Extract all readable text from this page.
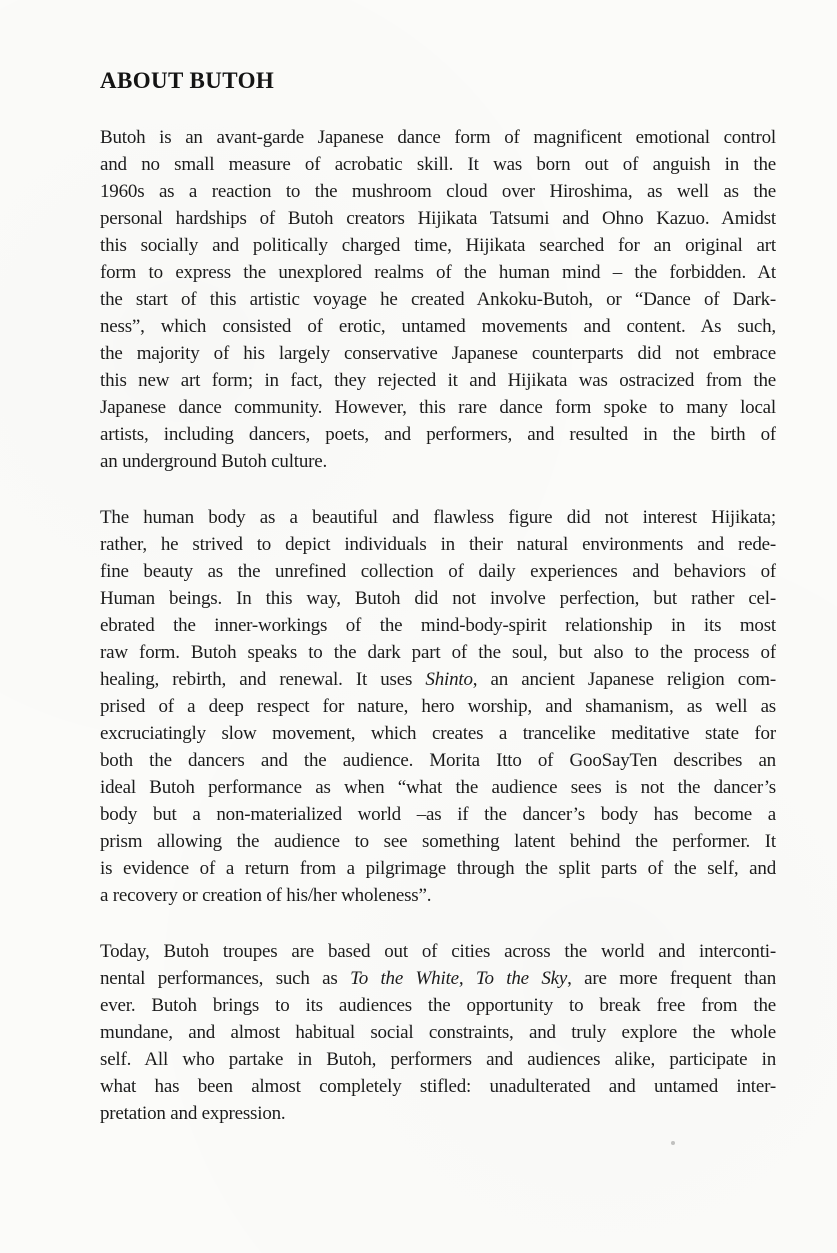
ABOUT BUTOH
Butoh is an avant-garde Japanese dance form of magnificent emotional control
and no small measure of acrobatic skill. It was born out of anguish in the
1960s as a reaction to the mushroom cloud over Hiroshima, as well as the
personal hardships of Butoh creators Hijikata Tatsumi and Ohno Kazuo. Amidst
this socially and politically charged time, Hijikata searched for an original art
form to express the unexplored realms of the human mind – the forbidden. At
the start of this artistic voyage he created Ankoku-Butoh, or “Dance of Dark-
ness”, which consisted of erotic, untamed movements and content. As such,
the majority of his largely conservative Japanese counterparts did not embrace
this new art form; in fact, they rejected it and Hijikata was ostracized from the
Japanese dance community. However, this rare dance form spoke to many local
artists, including dancers, poets, and performers, and resulted in the birth of
an underground Butoh culture.
The human body as a beautiful and flawless figure did not interest Hijikata;
rather, he strived to depict individuals in their natural environments and rede-
fine beauty as the unrefined collection of daily experiences and behaviors of
Human beings. In this way, Butoh did not involve perfection, but rather cel-
ebrated the inner-workings of the mind-body-spirit relationship in its most
raw form. Butoh speaks to the dark part of the soul, but also to the process of
healing, rebirth, and renewal. It uses Shinto, an ancient Japanese religion com-
prised of a deep respect for nature, hero worship, and shamanism, as well as
excruciatingly slow movement, which creates a trancelike meditative state for
both the dancers and the audience. Morita Itto of GooSayTen describes an
ideal Butoh performance as when “what the audience sees is not the dancer’s
body but a non-materialized world –as if the dancer’s body has become a
prism allowing the audience to see something latent behind the performer. It
is evidence of a return from a pilgrimage through the split parts of the self, and
a recovery or creation of his/her wholeness”.
Today, Butoh troupes are based out of cities across the world and interconti-
nental performances, such as To the White, To the Sky, are more frequent than
ever. Butoh brings to its audiences the opportunity to break free from the
mundane, and almost habitual social constraints, and truly explore the whole
self. All who partake in Butoh, performers and audiences alike, participate in
what has been almost completely stifled: unadulterated and untamed inter-
pretation and expression.
